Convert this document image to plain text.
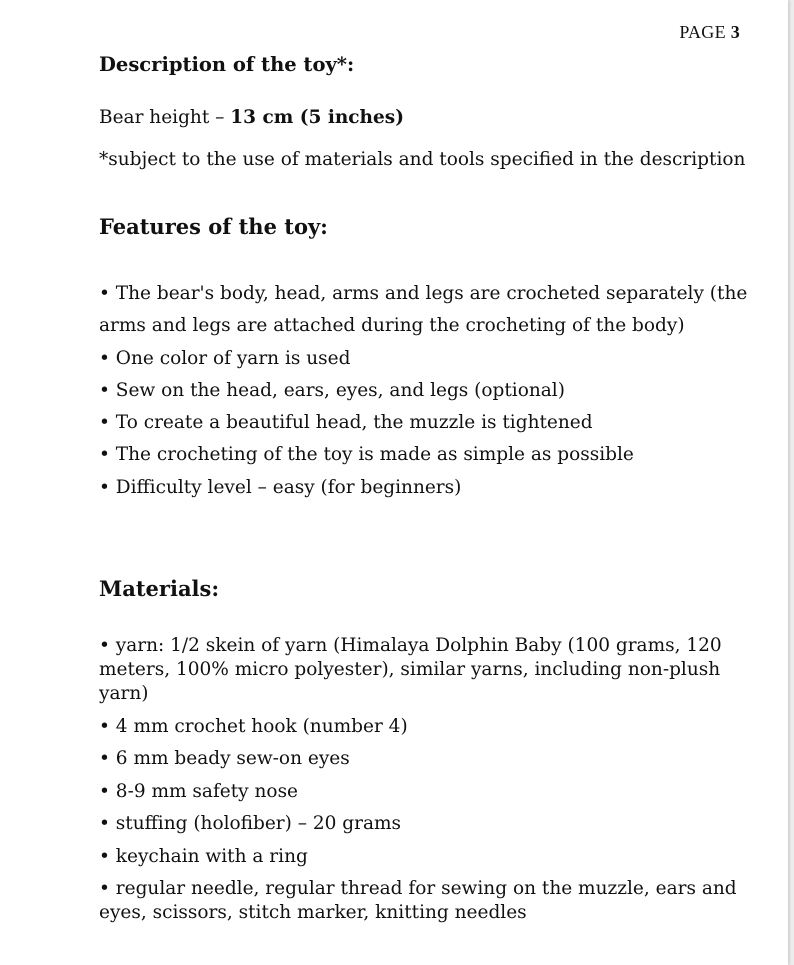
PAGE 3
Description of the toy*:

Bear height – 13 cm (5 inches)

*subject to the use of materials and tools specified in the description

Features of the toy:
• The bear's body, head, arms and legs are crocheted separately (the arms and legs are attached during the crocheting of the body)
• One color of yarn is used
• Sew on the head, ears, eyes, and legs (optional)
• To create a beautiful head, the muzzle is tightened
• The crocheting of the toy is made as simple as possible
• Difficulty level – easy (for beginners)
Materials:
• yarn: 1/2 skein of yarn (Himalaya Dolphin Baby (100 grams, 120 meters, 100% micro polyester), similar yarns, including non-plush yarn)
• 4 mm crochet hook (number 4)
• 6 mm beady sew-on eyes
• 8-9 mm safety nose
• stuffing (holofiber) – 20 grams
• keychain with a ring
• regular needle, regular thread for sewing on the muzzle, ears and eyes, scissors, stitch marker, knitting needles
